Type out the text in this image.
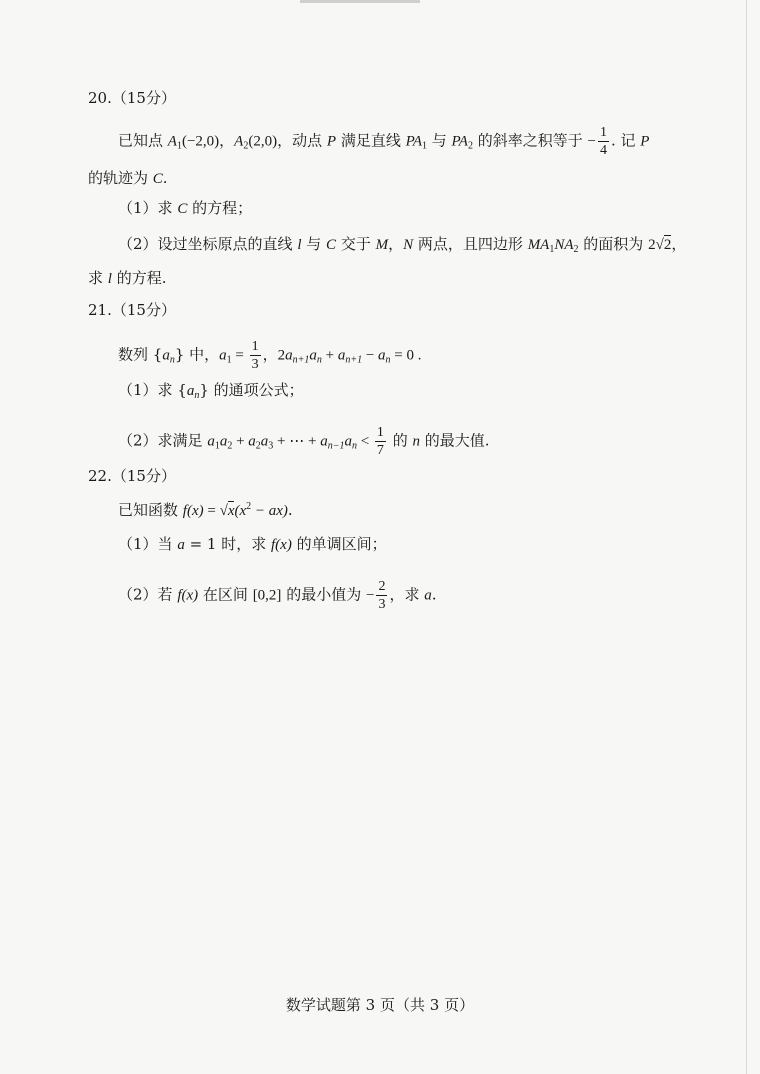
20.（15分）
已知点 $A_1(-2,0)$，$A_2(2,0)$，动点 P 满足直线 $PA_1$ 与 $PA_2$ 的斜率之积等于 − $\frac{1}{4}$ . 记 P
的轨迹为 C.
（1）求 C 的方程；
（2）设过坐标原点的直线 l 与 C 交于 M，N 两点，且四边形 $MA_1NA_2$ 的面积为 2√2，
求 l 的方程.
21.（15分）
数列 $\{a_n\}$ 中，$a_1 = \frac{1}{3}$ ，$2a_{n+1}a_n + a_{n+1} - a_n = 0$ .
（1）求 $\{a_n\}$ 的通项公式；
（2）求满足 $a_1a_2 + a_2a_3$ + ⋯ + $a_{n-1}a_n < \frac{1}{7}$ 的 n 的最大值.
22.（15分）
已知函数 $f(x) = √x(x^2 - ax)$.
（1）当 a = 1 时，求 f(x) 的单调区间；
（2）若 f(x) 在区间 [0,2] 的最小值为 − $\frac{2}{3}$ ，求 a.
数学试题第 3 页（共 3 页）
